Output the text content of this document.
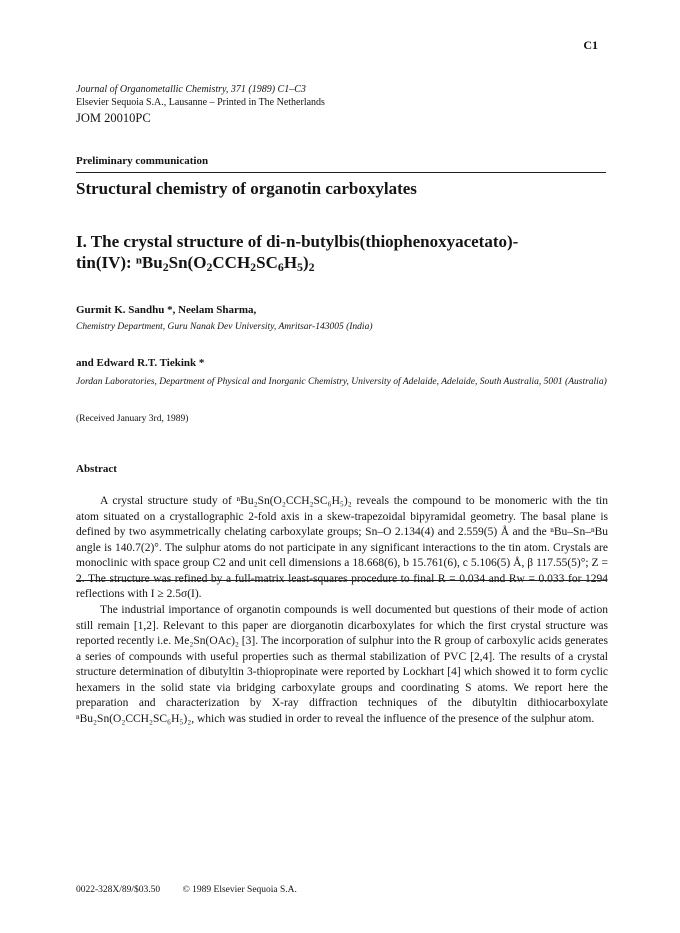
C1
Journal of Organometallic Chemistry, 371 (1989) C1–C3
Elsevier Sequoia S.A., Lausanne – Printed in The Netherlands
JOM 20010PC
Preliminary communication
Structural chemistry of organotin carboxylates
I. The crystal structure of di-n-butylbis(thiophenoxyacetato)-
tin(IV): $^nBu_2Sn(O_2CCH_2SC_6H_5)_2$
Gurmit K. Sandhu *, Neelam Sharma,
Chemistry Department, Guru Nanak Dev University, Amritsar-143005 (India)
and Edward R.T. Tiekink *
Jordan Laboratories, Department of Physical and Inorganic Chemistry, University of Adelaide, Adelaide, South Australia, 5001 (Australia)
(Received January 3rd, 1989)
Abstract

A crystal structure study of ⁿBu₂Sn(O₂CCH₂SC₆H₅)₂ reveals the compound to be monomeric with the tin atom situated on a crystallographic 2-fold axis in a skew-trapezoidal bipyramidal geometry. The basal plane is defined by two asymmetrically chelating carboxylate groups; Sn–O 2.134(4) and 2.559(5) Å and the ⁿBu–Sn–ⁿBu angle is 140.7(2)°. The sulphur atoms do not participate in any significant interactions to the tin atom. Crystals are monoclinic with space group C2 and unit cell dimensions a 18.668(6), b 15.761(6), c 5.106(5) Å, β 117.55(5)°; Z = 2. The structure was refined by a full-matrix least-squares procedure to final R = 0.034 and Rw = 0.033 for 1294 reflections with I ≥ 2.5σ(I).

The industrial importance of organotin compounds is well documented but questions of their mode of action still remain [1,2]. Relevant to this paper are diorganotin dicarboxylates for which the first crystal structure was reported recently i.e. Me₂Sn(OAc)₂ [3]. The incorporation of sulphur into the R group of carboxylic acids generates a series of compounds with useful properties such as thermal stabilization of PVC [2,4]. The results of a crystal structure determination of dibutyltin 3-thiopropinate were reported by Lockhart [4] which showed it to form cyclic hexamers in the solid state via bridging carboxylate groups and coordinating S atoms. We report here the preparation and characterization by X-ray diffraction techniques of the dibutyltin dithiocarboxylate ⁿBu₂Sn(O₂CCH₂SC₆H₅)₂, which was studied in order to reveal the influence of the presence of the sulphur atom.

0022-328X/89/$03.50 © 1989 Elsevier Sequoia S.A.
